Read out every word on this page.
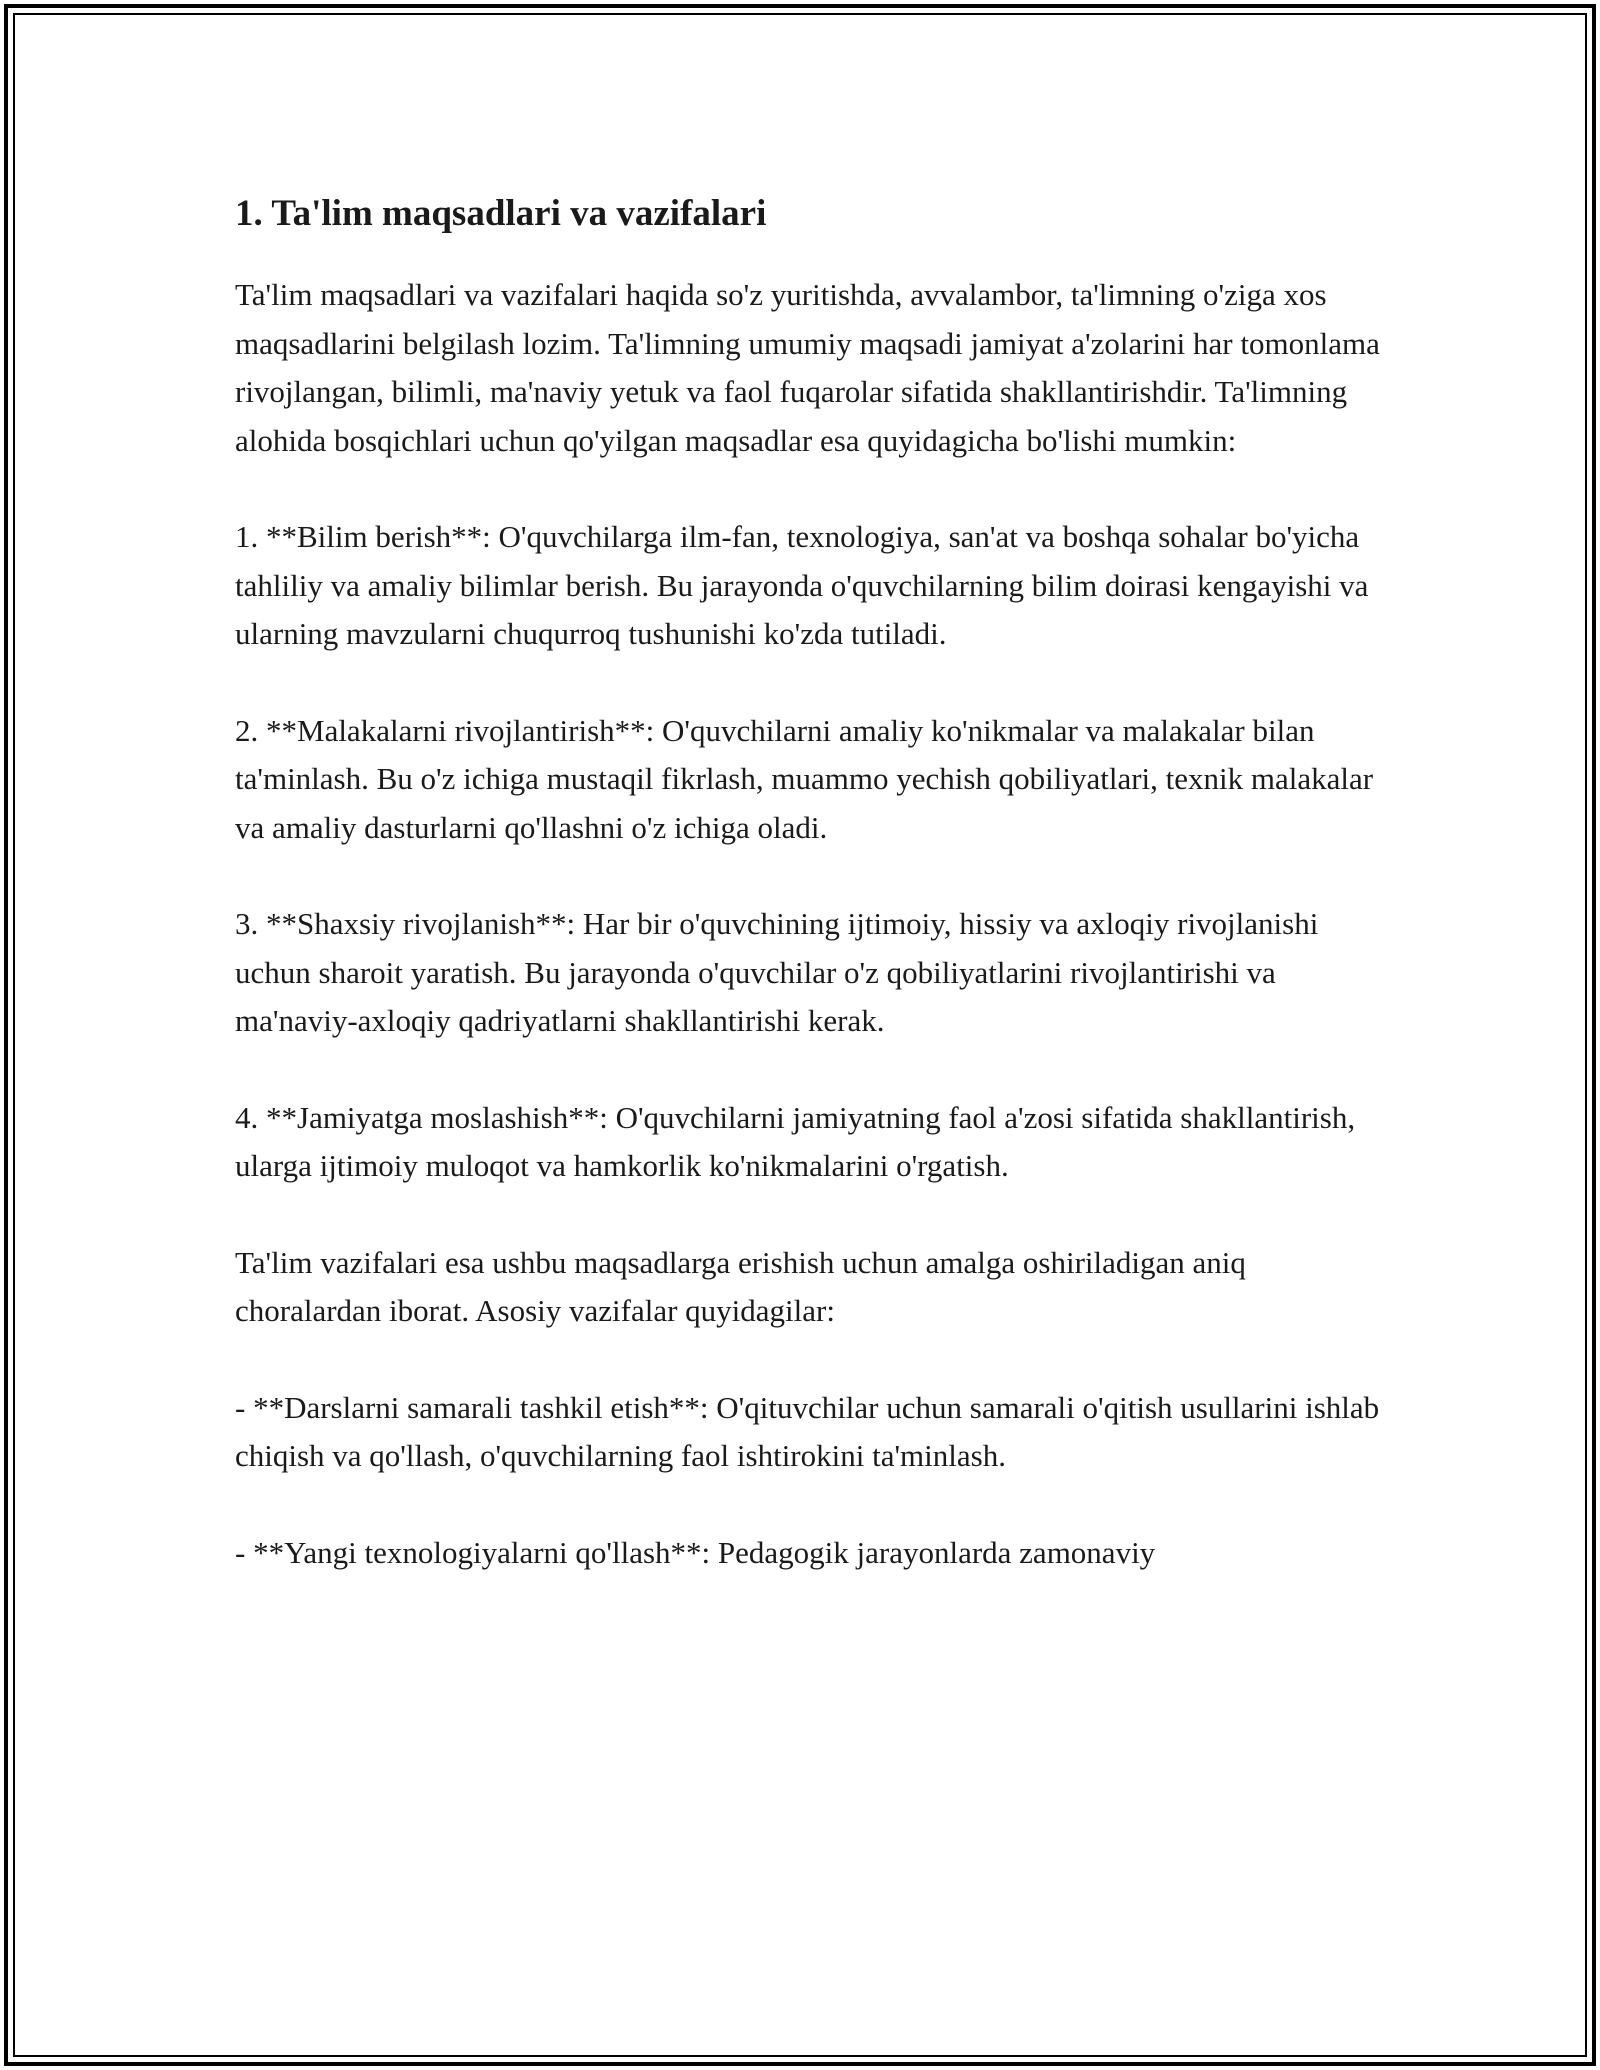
1. Ta'lim maqsadlari va vazifalari

Ta'lim maqsadlari va vazifalari haqida so'z yuritishda, avvalambor, ta'limning o'ziga xos maqsadlarini belgilash lozim. Ta'limning umumiy maqsadi jamiyat a'zolarini har tomonlama rivojlangan, bilimli, ma'naviy yetuk va faol fuqarolar sifatida shakllantirishdir. Ta'limning alohida bosqichlari uchun qo'yilgan maqsadlar esa quyidagicha bo'lishi mumkin:

1. **Bilim berish**: O'quvchilarga ilm-fan, texnologiya, san'at va boshqa sohalar bo'yicha tahliliy va amaliy bilimlar berish. Bu jarayonda o'quvchilarning bilim doirasi kengayishi va ularning mavzularni chuqurroq tushunishi ko'zda tutiladi.

2. **Malakalarni rivojlantirish**: O'quvchilarni amaliy ko'nikmalar va malakalar bilan ta'minlash. Bu o'z ichiga mustaqil fikrlash, muammo yechish qobiliyatlari, texnik malakalar va amaliy dasturlarni qo'llashni o'z ichiga oladi.

3. **Shaxsiy rivojlanish**: Har bir o'quvchining ijtimoiy, hissiy va axloqiy rivojlanishi uchun sharoit yaratish. Bu jarayonda o'quvchilar o'z qobiliyatlarini rivojlantirishi va ma'naviy-axloqiy qadriyatlarni shakllantirishi kerak.

4. **Jamiyatga moslashish**: O'quvchilarni jamiyatning faol a'zosi sifatida shakllantirish, ularga ijtimoiy muloqot va hamkorlik ko'nikmalarini o'rgatish.

Ta'lim vazifalari esa ushbu maqsadlarga erishish uchun amalga oshiriladigan aniq choralardan iborat. Asosiy vazifalar quyidagilar:

- **Darslarni samarali tashkil etish**: O'qituvchilar uchun samarali o'qitish usullarini ishlab chiqish va qo'llash, o'quvchilarning faol ishtirokini ta'minlash.

- **Yangi texnologiyalarni qo'llash**: Pedagogik jarayonlarda zamonaviy
